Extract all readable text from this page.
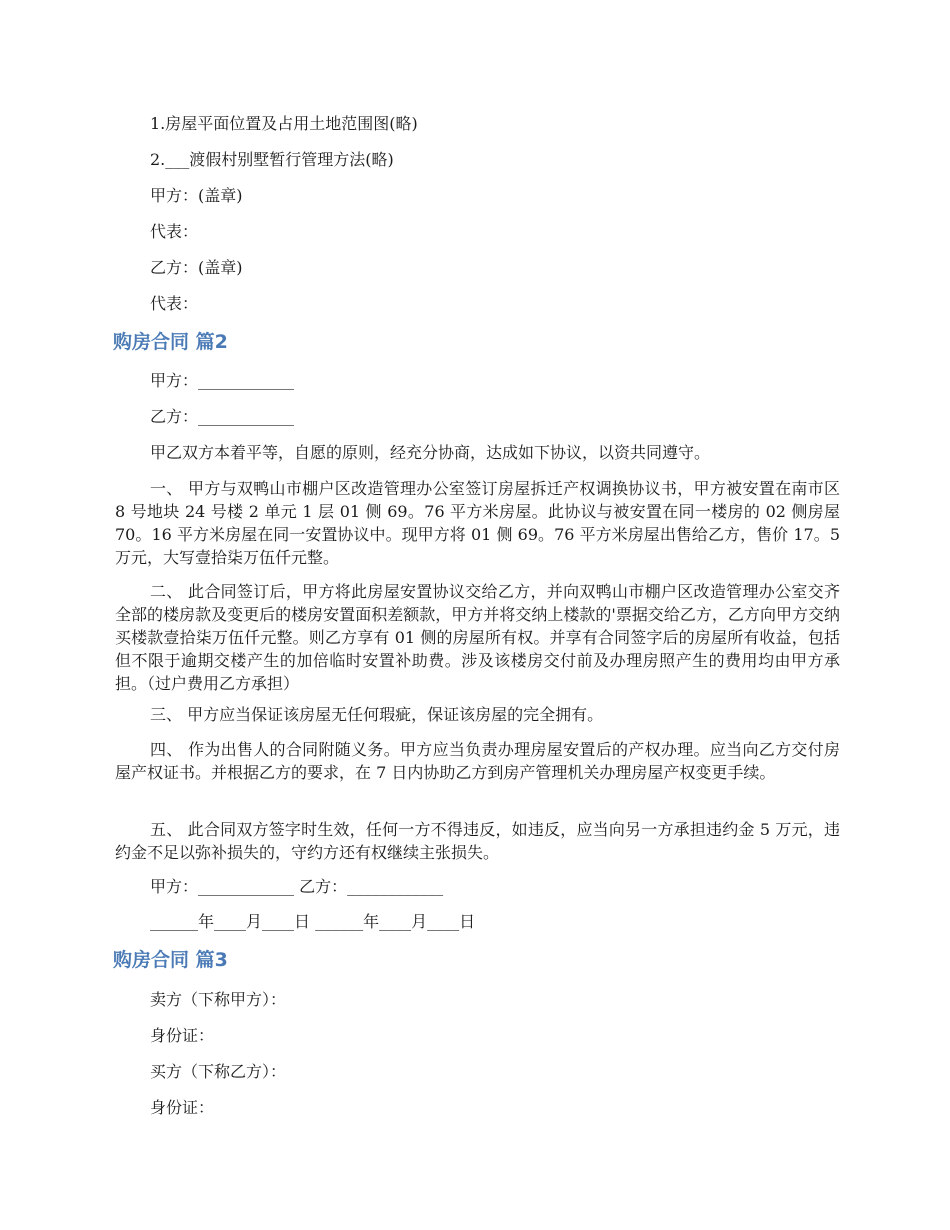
1.房屋平面位置及占用土地范围图(略)

2.___渡假村别墅暂行管理方法(略)

甲方：(盖章)

代表：

乙方：(盖章)

代表：

购房合同 篇2

甲方：____________

乙方：____________

甲乙双方本着平等，自愿的原则，经充分协商，达成如下协议，以资共同遵守。

一、 甲方与双鸭山市棚户区改造管理办公室签订房屋拆迁产权调换协议书，甲方被安置在南市区 8 号地块 24 号楼 2 单元 1 层 01 侧 69。76 平方米房屋。此协议与被安置在同一楼房的 02 侧房屋 70。16 平方米房屋在同一安置协议中。现甲方将 01 侧 69。76 平方米房屋出售给乙方，售价 17。5 万元，大写壹拾柒万伍仟元整。

二、 此合同签订后，甲方将此房屋安置协议交给乙方，并向双鸭山市棚户区改造管理办公室交齐全部的楼房款及变更后的楼房安置面积差额款，甲方并将交纳上楼款的'票据交给乙方，乙方向甲方交纳买楼款壹拾柒万伍仟元整。则乙方享有 01 侧的房屋所有权。并享有合同签字后的房屋所有收益，包括但不限于逾期交楼产生的加倍临时安置补助费。涉及该楼房交付前及办理房照产生的费用均由甲方承担。（过户费用乙方承担）

三、 甲方应当保证该房屋无任何瑕疵，保证该房屋的完全拥有。

四、 作为出售人的合同附随义务。甲方应当负责办理房屋安置后的产权办理。应当向乙方交付房屋产权证书。并根据乙方的要求，在 7 日内协助乙方到房产管理机关办理房屋产权变更手续。

五、 此合同双方签字时生效，任何一方不得违反，如违反，应当向另一方承担违约金 5 万元，违约金不足以弥补损失的，守约方还有权继续主张损失。

甲方：____________ 乙方：____________

______年____月____日 ______年____月____日

购房合同 篇3

卖方（下称甲方）：

身份证：

买方（下称乙方）：

身份证：
